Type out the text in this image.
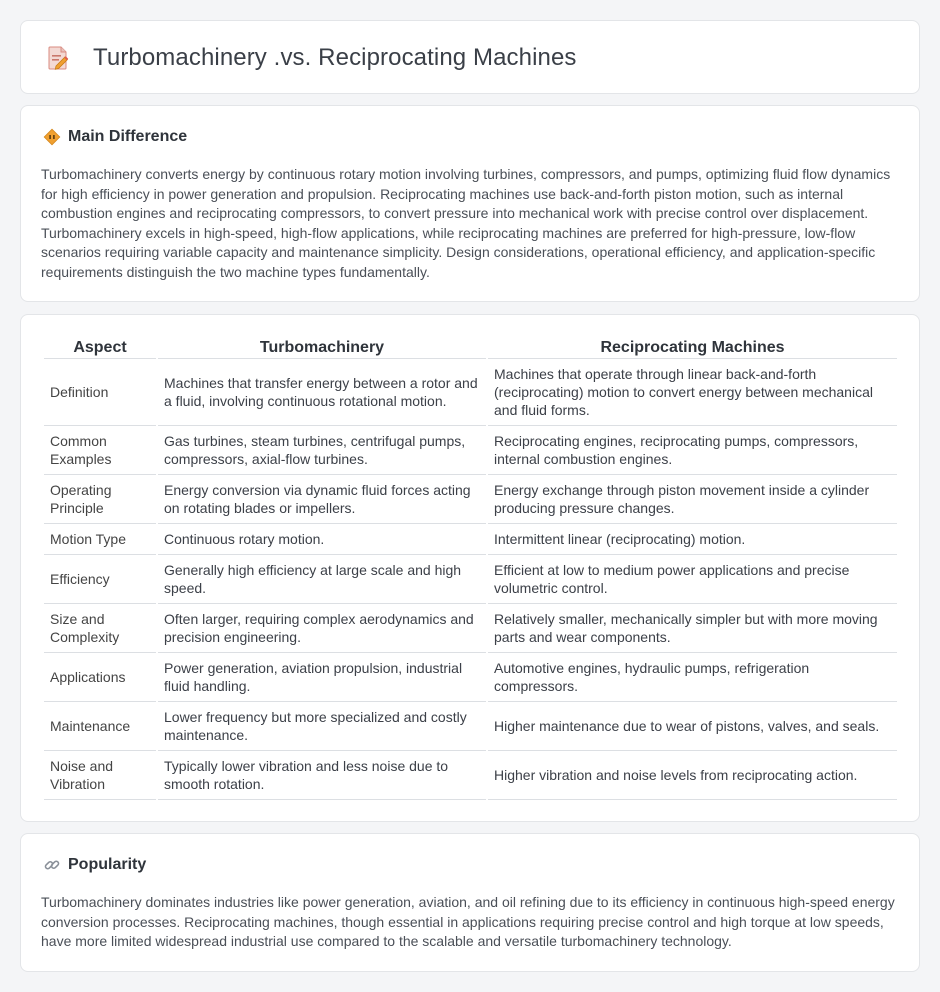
Turbomachinery .vs. Reciprocating Machines
Main Difference

Turbomachinery converts energy by continuous rotary motion involving turbines, compressors, and pumps, optimizing fluid flow dynamics for high efficiency in power generation and propulsion. Reciprocating machines use back-and-forth piston motion, such as internal combustion engines and reciprocating compressors, to convert pressure into mechanical work with precise control over displacement. Turbomachinery excels in high-speed, high-flow applications, while reciprocating machines are preferred for high-pressure, low-flow scenarios requiring variable capacity and maintenance simplicity. Design considerations, operational efficiency, and application-specific requirements distinguish the two machine types fundamentally.

Aspect	Turbomachinery	Reciprocating Machines
Definition	Machines that transfer energy between a rotor and a fluid, involving continuous rotational motion.	Machines that operate through linear back-and-forth (reciprocating) motion to convert energy between mechanical and fluid forms.
Common Examples	Gas turbines, steam turbines, centrifugal pumps, compressors, axial-flow turbines.	Reciprocating engines, reciprocating pumps, compressors, internal combustion engines.
Operating Principle	Energy conversion via dynamic fluid forces acting on rotating blades or impellers.	Energy exchange through piston movement inside a cylinder producing pressure changes.
Motion Type	Continuous rotary motion.	Intermittent linear (reciprocating) motion.
Efficiency	Generally high efficiency at large scale and high speed.	Efficient at low to medium power applications and precise volumetric control.
Size and Complexity	Often larger, requiring complex aerodynamics and precision engineering.	Relatively smaller, mechanically simpler but with more moving parts and wear components.
Applications	Power generation, aviation propulsion, industrial fluid handling.	Automotive engines, hydraulic pumps, refrigeration compressors.
Maintenance	Lower frequency but more specialized and costly maintenance.	Higher maintenance due to wear of pistons, valves, and seals.
Noise and Vibration	Typically lower vibration and less noise due to smooth rotation.	Higher vibration and noise levels from reciprocating action.
Popularity

Turbomachinery dominates industries like power generation, aviation, and oil refining due to its efficiency in continuous high-speed energy conversion processes. Reciprocating machines, though essential in applications requiring precise control and high torque at low speeds, have more limited widespread industrial use compared to the scalable and versatile turbomachinery technology.
